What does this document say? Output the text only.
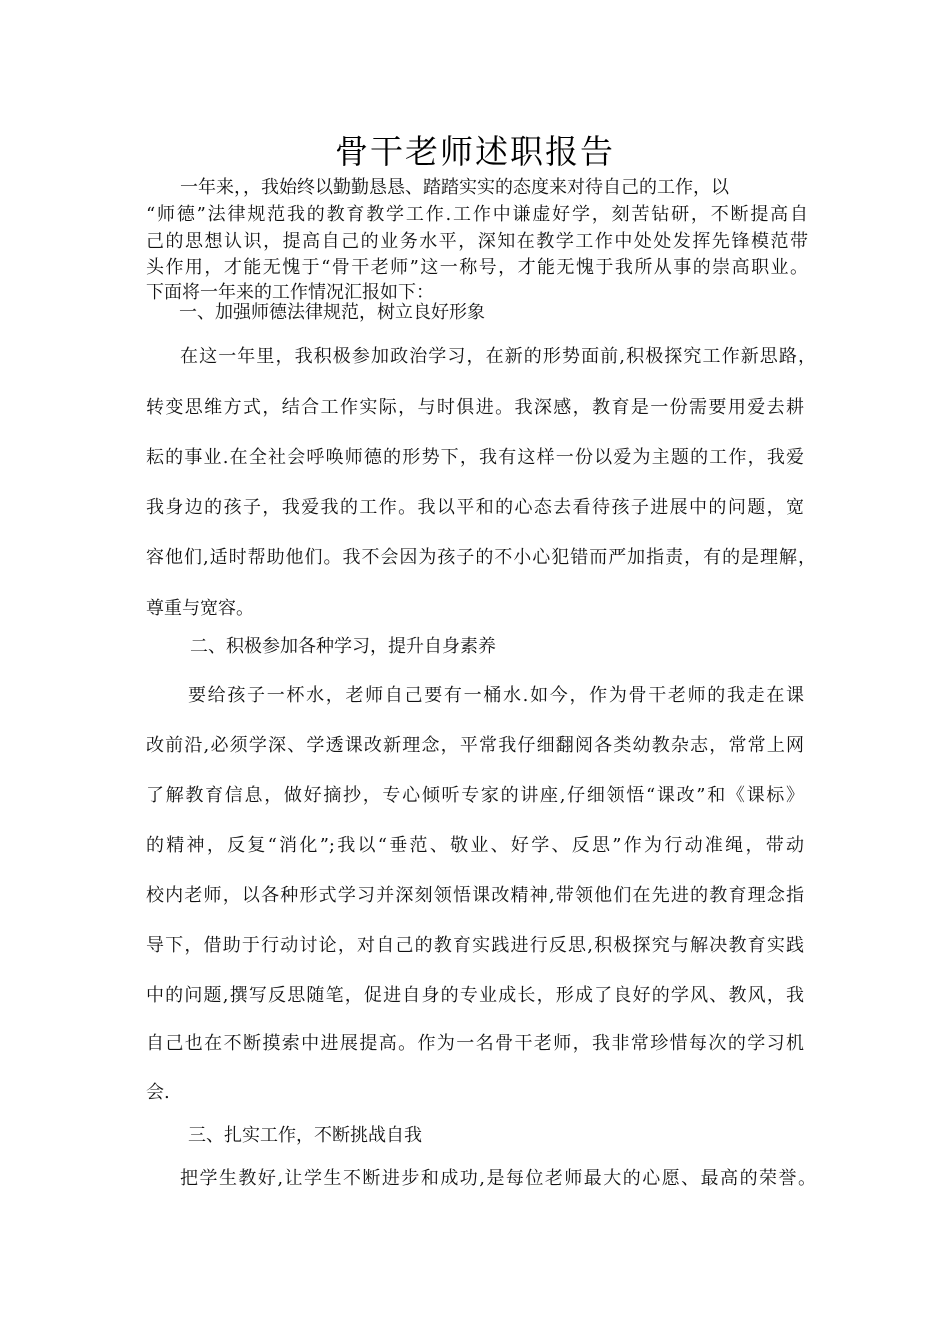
骨干老师述职报告
一年来，，我始终以勤勤恳恳、踏踏实实的态度来对待自己的工作，以
“师德”法律规范我的教育教学工作.工作中谦虚好学，刻苦钻研，不断提高自
己的思想认识，提高自己的业务水平，深知在教学工作中处处发挥先锋模范带
头作用，才能无愧于“骨干老师”这一称号，才能无愧于我所从事的崇高职业。
下面将一年来的工作情况汇报如下：
一、加强师德法律规范，树立良好形象
在这一年里，我积极参加政治学习，在新的形势面前,积极探究工作新思路，
转变思维方式，结合工作实际，与时俱进。我深感，教育是一份需要用爱去耕
耘的事业.在全社会呼唤师德的形势下，我有这样一份以爱为主题的工作，我爱
我身边的孩子，我爱我的工作。我以平和的心态去看待孩子进展中的问题，宽
容他们,适时帮助他们。我不会因为孩子的不小心犯错而严加指责，有的是理解，
尊重与宽容。
二、积极参加各种学习，提升自身素养
要给孩子一杯水，老师自己要有一桶水.如今，作为骨干老师的我走在课
改前沿,必须学深、学透课改新理念，平常我仔细翻阅各类幼教杂志，常常上网
了解教育信息，做好摘抄，专心倾听专家的讲座,仔细领悟“课改”和《课标》
的精神，反复“消化”;我以“垂范、敬业、好学、反思”作为行动准绳，带动
校内老师，以各种形式学习并深刻领悟课改精神,带领他们在先进的教育理念指
导下，借助于行动讨论，对自己的教育实践进行反思,积极探究与解决教育实践
中的问题,撰写反思随笔，促进自身的专业成长，形成了良好的学风、教风，我
自己也在不断摸索中进展提高。作为一名骨干老师，我非常珍惜每次的学习机
会.
三、扎实工作，不断挑战自我
把学生教好,让学生不断进步和成功,是每位老师最大的心愿、最高的荣誉。
